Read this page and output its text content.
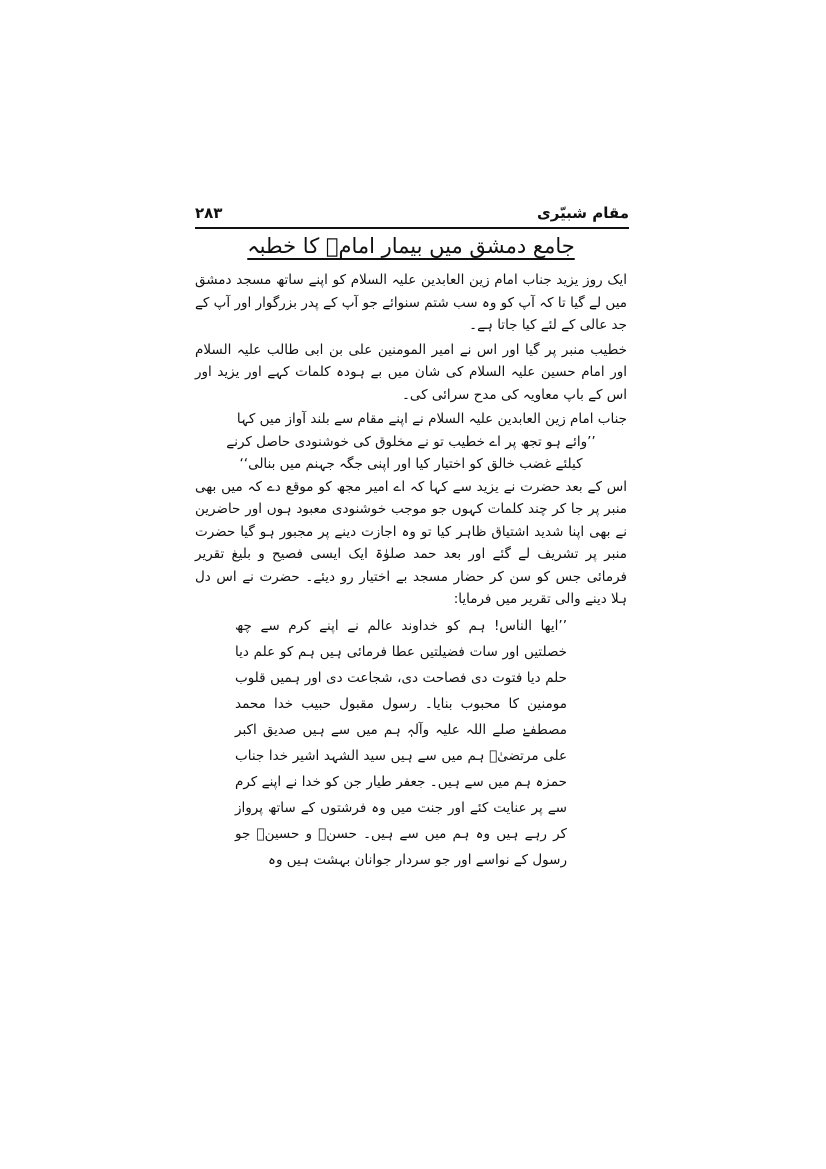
۲۸۳	مقام شبیّری
جامع دمشق میں بیمار امامؑ کا خطبہ

ایک روز یزید جناب امام زین العابدین علیہ السلام کو اپنے ساتھ مسجد دمشق میں لے گیا تا کہ آپ کو وہ سب شتم سنوائے جو آپ کے پدر بزرگوار اور آپ کے جد عالی کے لئے کیا جاتا ہے۔

خطیب منبر پر گیا اور اس نے امیر المومنین علی بن ابی طالب علیہ السلام اور امام حسین علیہ السلام کی شان میں بے ہودہ کلمات کہے اور یزید اور اس کے باپ معاویہ کی مدح سرائی کی۔

جناب امام زین العابدین علیہ السلام نے اپنے مقام سے بلند آواز میں کہا

’’وائے ہو تجھ پر اے خطیب تو نے مخلوق کی خوشنودی حاصل کرنے

کیلئے غضب خالق کو اختیار کیا اور اپنی جگہ جہنم میں بنالی‘‘

اس کے بعد حضرت نے یزید سے کہا کہ اے امیر مجھ کو موقع دے کہ میں بھی منبر پر جا کر چند کلمات کہوں جو موجب خوشنودی معبود ہوں اور حاضرین نے بھی اپنا شدید اشتیاق ظاہر کیا تو وہ اجازت دینے پر مجبور ہو گیا حضرت منبر پر تشریف لے گئے اور بعد حمد صلوٰۃ ایک ایسی فصیح و بلیغ تقریر فرمائی جس کو سن کر حضار مسجد بے اختیار رو دیئے۔ حضرت نے اس دل ہلا دینے والی تقریر میں فرمایا:

’’ایھا الناس! ہم کو خداوند عالم نے اپنے کرم سے چھ خصلتیں اور سات فضیلتیں عطا فرمائی ہیں ہم کو علم دیا حلم دیا فتوت دی فصاحت دی، شجاعت دی اور ہمیں قلوب مومنین کا محبوب بنایا۔ رسول مقبول حبیب خدا محمد مصطفےٰ صلے اللہ علیہ وآلہٖ ہم میں سے ہیں صدیق اکبر علی مرتضیٰؑ ہم میں سے ہیں سید الشہد اشیر خدا جناب حمزہ ہم میں سے ہیں۔ جعفر طیار جن کو خدا نے اپنے کرم سے پر عنایت کئے اور جنت میں وہ فرشتوں کے ساتھ پرواز کر رہے ہیں وہ ہم میں سے ہیں۔ حسنؑ و حسینؑ جو رسول کے نواسے اور جو سردار جوانان بہشت ہیں وہ
